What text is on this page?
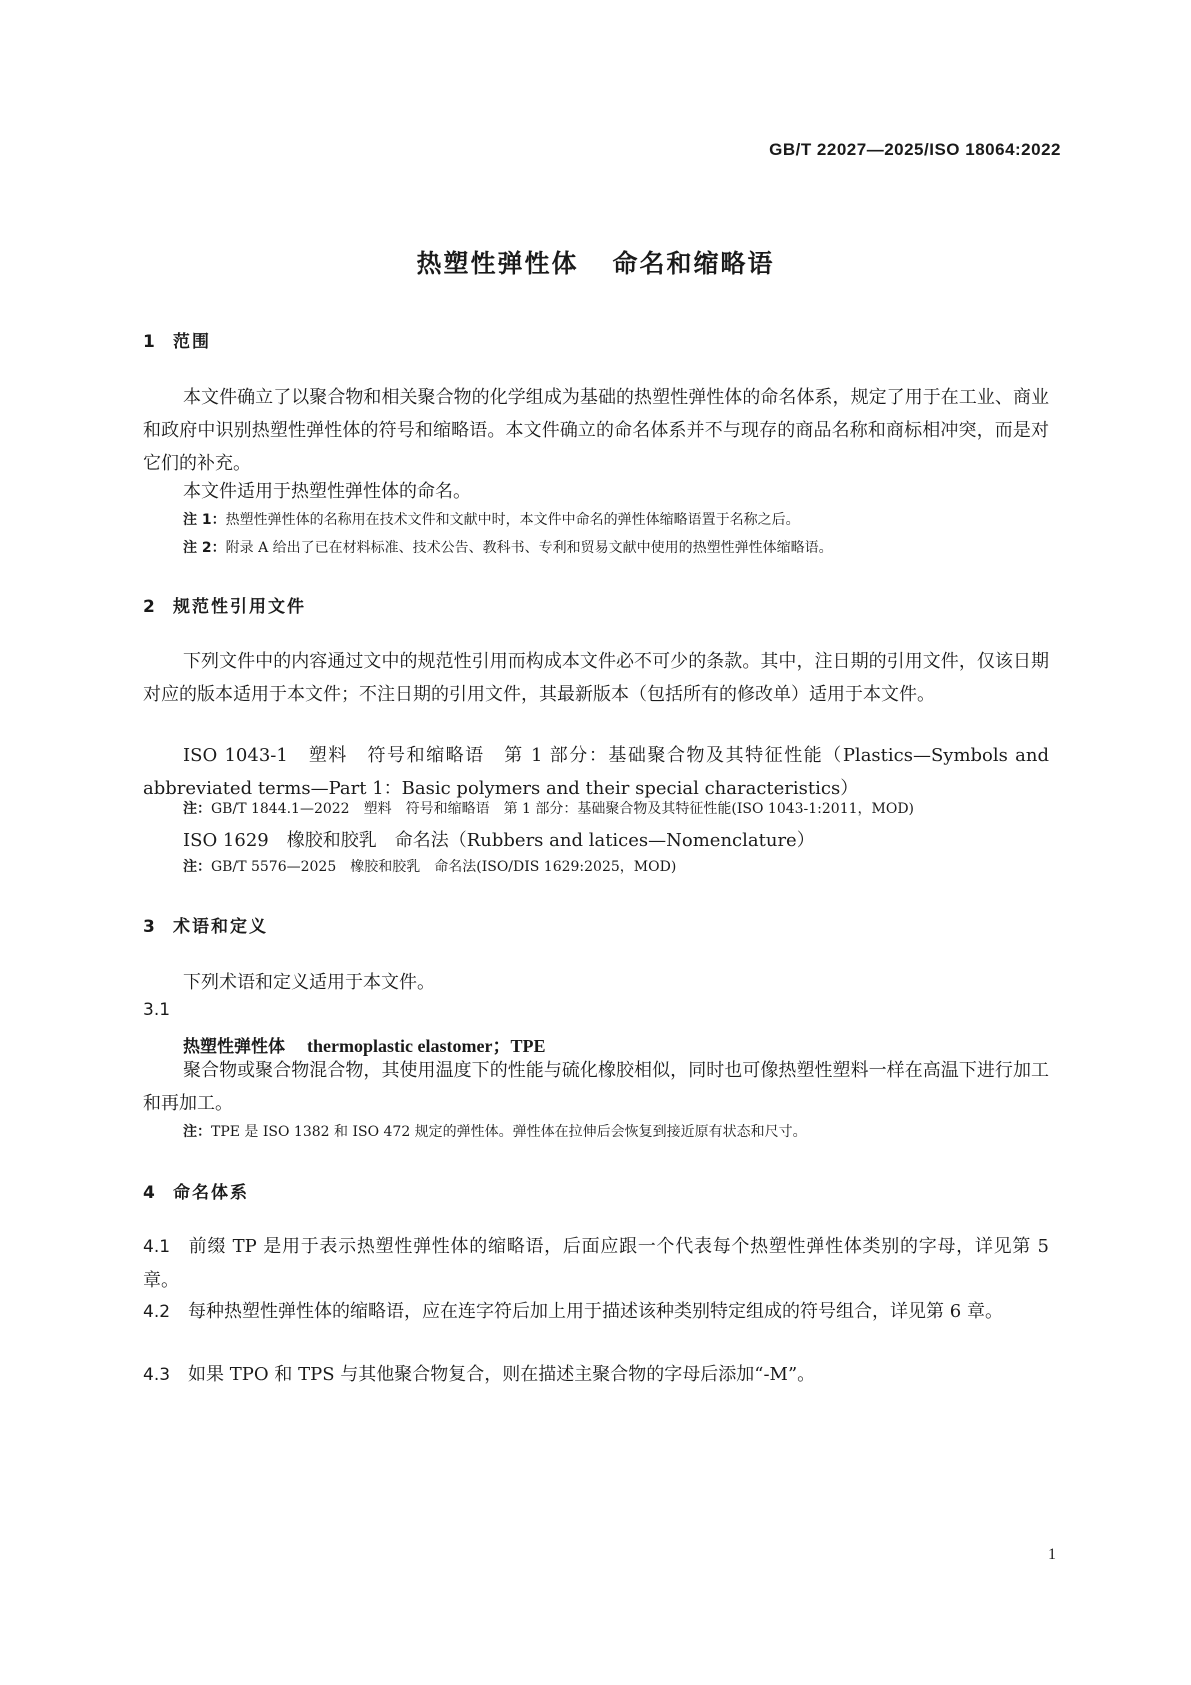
GB/T 22027—2025/ISO 18064:2022
热塑性弹性体 命名和缩略语
1 范围
本文件确立了以聚合物和相关聚合物的化学组成为基础的热塑性弹性体的命名体系，规定了用于在工业、商业和政府中识别热塑性弹性体的符号和缩略语。本文件确立的命名体系并不与现存的商品名称和商标相冲突，而是对它们的补充。
本文件适用于热塑性弹性体的命名。
注 1：热塑性弹性体的名称用在技术文件和文献中时，本文件中命名的弹性体缩略语置于名称之后。
注 2：附录 A 给出了已在材料标准、技术公告、教科书、专利和贸易文献中使用的热塑性弹性体缩略语。
2 规范性引用文件
下列文件中的内容通过文中的规范性引用而构成本文件必不可少的条款。其中，注日期的引用文件，仅该日期对应的版本适用于本文件；不注日期的引用文件，其最新版本（包括所有的修改单）适用于本文件。
ISO 1043-1　塑料　符号和缩略语　第 1 部分：基础聚合物及其特征性能（Plastics—Symbols and abbreviated terms—Part 1：Basic polymers and their special characteristics）
注：GB/T 1844.1—2022　塑料　符号和缩略语　第 1 部分：基础聚合物及其特征性能(ISO 1043-1:2011，MOD)
ISO 1629　橡胶和胶乳　命名法（Rubbers and latices—Nomenclature）
注：GB/T 5576—2025　橡胶和胶乳　命名法(ISO/DIS 1629:2025，MOD)
3 术语和定义
下列术语和定义适用于本文件。
3.1
热塑性弹性体 thermoplastic elastomer；TPE
聚合物或聚合物混合物，其使用温度下的性能与硫化橡胶相似，同时也可像热塑性塑料一样在高温下进行加工和再加工。
注：TPE 是 ISO 1382 和 ISO 472 规定的弹性体。弹性体在拉伸后会恢复到接近原有状态和尺寸。
4 命名体系
4.1 前缀 TP 是用于表示热塑性弹性体的缩略语，后面应跟一个代表每个热塑性弹性体类别的字母，详见第 5 章。
4.2 每种热塑性弹性体的缩略语，应在连字符后加上用于描述该种类别特定组成的符号组合，详见第 6 章。
4.3 如果 TPO 和 TPS 与其他聚合物复合，则在描述主聚合物的字母后添加“-M”。
1
